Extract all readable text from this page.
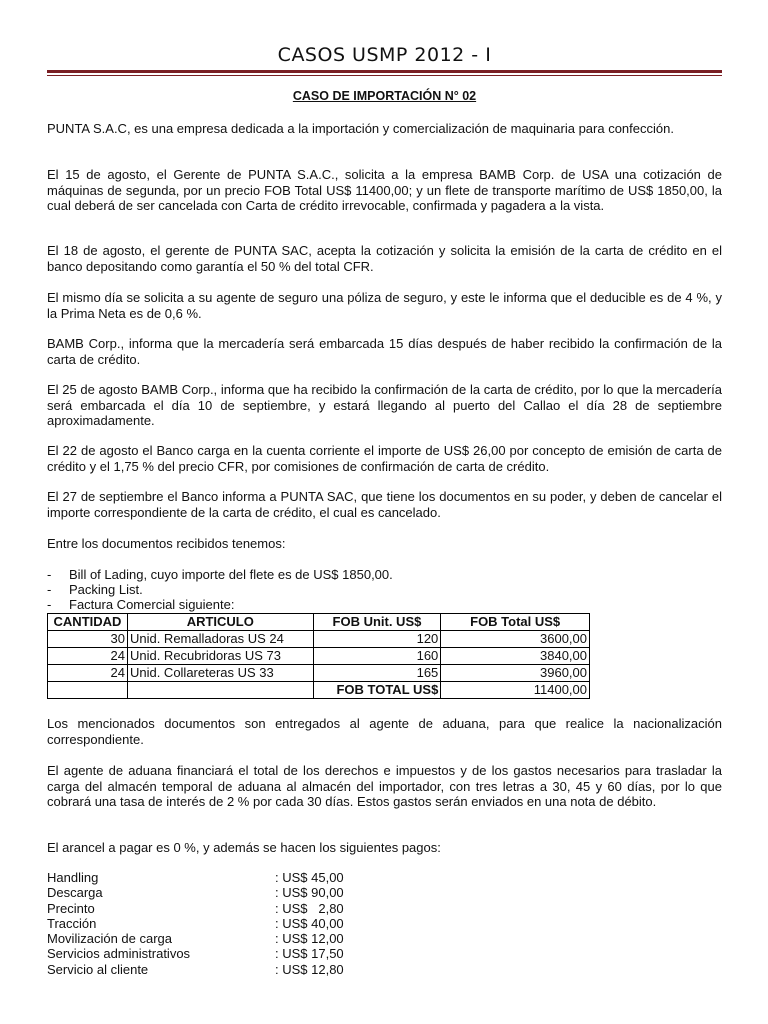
CASOS USMP 2012 - I
CASO DE IMPORTACIÓN N° 02
PUNTA S.A.C, es una empresa dedicada a la importación y comercialización de maquinaria para confección.
El 15 de agosto, el Gerente de PUNTA S.A.C., solicita a la empresa BAMB Corp. de USA una cotización de máquinas de segunda, por un precio FOB Total US$ 11400,00; y un flete de transporte marítimo de US$ 1850,00, la cual deberá de ser cancelada con Carta de crédito irrevocable, confirmada y pagadera a la vista.
El 18 de agosto, el gerente de PUNTA SAC, acepta la cotización y solicita la emisión de la carta de crédito en el banco depositando como garantía el 50 % del total CFR.
El mismo día se solicita a su agente de seguro una póliza de seguro, y este le informa que el deducible es de 4 %, y la Prima Neta es de 0,6 %.
BAMB Corp., informa que la mercadería será embarcada 15 días después de haber recibido la confirmación de la carta de crédito.
El 25 de agosto BAMB Corp., informa que ha recibido la confirmación de la carta de crédito, por lo que la mercadería será embarcada el día 10 de septiembre, y estará llegando al puerto del Callao el día 28 de septiembre aproximadamente.
El 22 de agosto el Banco carga en la cuenta corriente el importe de US$ 26,00 por concepto de emisión de carta de crédito y el 1,75 % del precio CFR, por comisiones de confirmación de carta de crédito.
El 27 de septiembre el Banco informa a PUNTA SAC, que tiene los documentos en su poder, y deben de cancelar el importe correspondiente de la carta de crédito, el cual es cancelado.
Entre los documentos recibidos tenemos:
-	Bill of Lading, cuyo importe del flete es de US$ 1850,00.
-	Packing List.
-	Factura Comercial siguiente:
CANTIDAD	ARTICULO	FOB Unit. US$	FOB Total US$
30	Unid. Remalladoras US 24	120	3600,00
24	Unid. Recubridoras US 73	160	3840,00
24	Unid. Collareteras US 33	165	3960,00
		FOB TOTAL US$	11400,00
Los mencionados documentos son entregados al agente de aduana, para que realice la nacionalización correspondiente.
El agente de aduana financiará el total de los derechos e impuestos y de los gastos necesarios para trasladar la carga del almacén temporal de aduana al almacén del importador, con tres letras a 30, 45 y 60 días, por lo que cobrará una tasa de interés de 2 % por cada 30 días. Estos gastos serán enviados en una nota de débito.
El arancel a pagar es 0 %, y además se hacen los siguientes pagos:
Handling	: US$ 45,00
Descarga	: US$ 90,00
Precinto	: US$   2,80
Tracción	: US$ 40,00
Movilización de carga	: US$ 12,00
Servicios administrativos	: US$ 17,50
Servicio al cliente	: US$ 12,80
